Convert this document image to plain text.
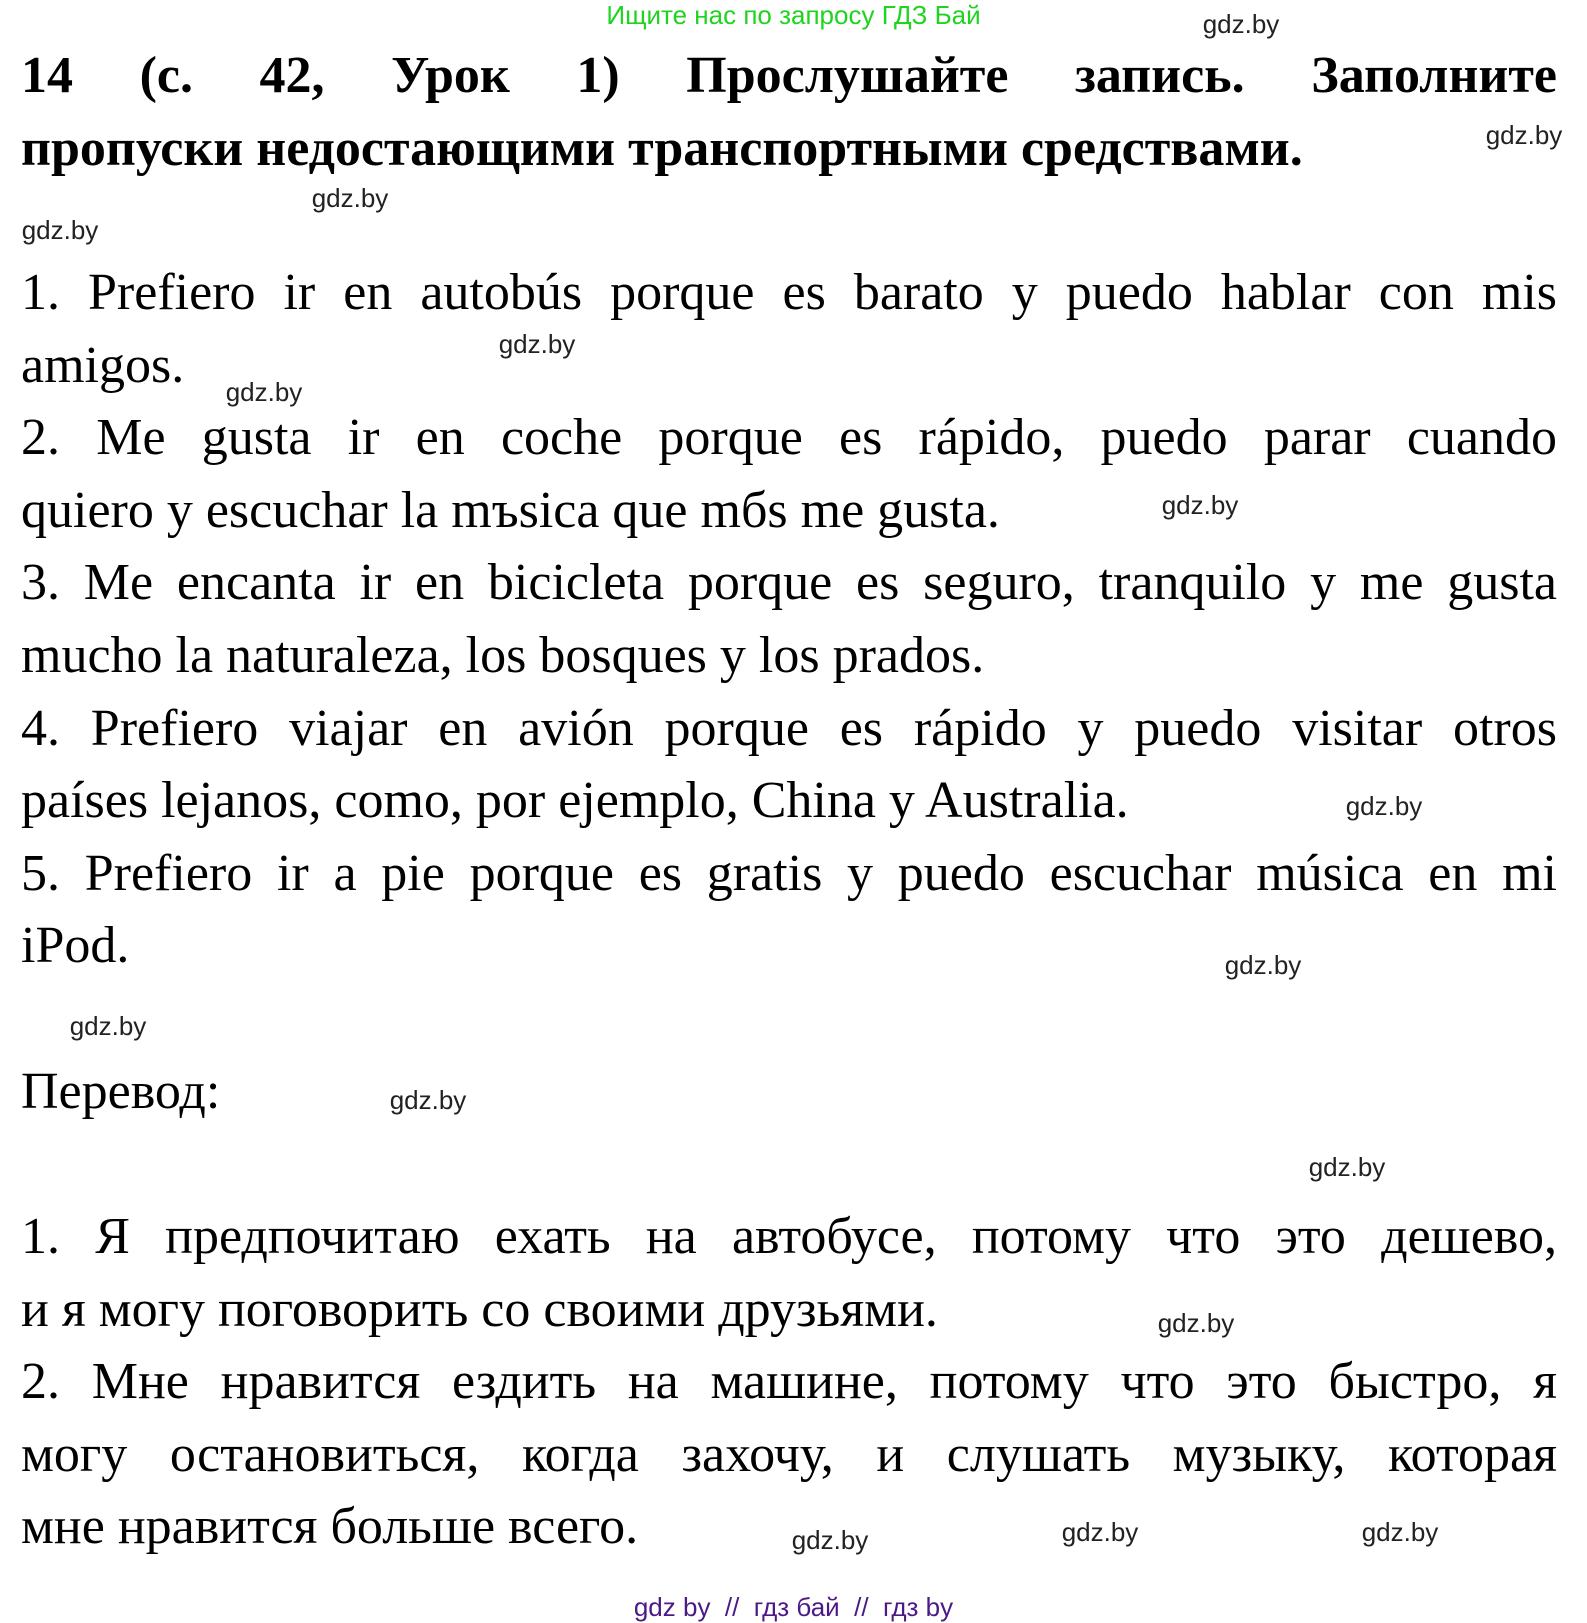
Ищите нас по запросу ГДЗ Бай
14 (с. 42, Урок 1) Прослушайте запись. Заполните
пропуски недостающими транспортными средствами.
1. Prefiero ir en autobús porque es barato y puedo hablar con mis
amigos.
2. Me gusta ir en coche porque es rápido, puedo parar cuando
quiero y escuchar la mъsica que mбs me gusta.
3. Me encanta ir en bicicleta porque es seguro, tranquilo y me gusta
mucho la naturaleza, los bosques y los prados.
4. Prefiero viajar en avión porque es rápido y puedo visitar otros
países lejanos, como, por ejemplo, China y Australia.
5. Prefiero ir a pie porque es gratis y puedo escuchar música en mi
iPod.
Перевод:
1. Я предпочитаю ехать на автобусе, потому что это дешево,
и я могу поговорить со своими друзьями.
2. Мне нравится ездить на машине, потому что это быстро, я
могу остановиться, когда захочу, и слушать музыку, которая
мне нравится больше всего.
gdz.by
gdz.by
gdz.by
gdz.by
gdz.by
gdz.by
gdz.by
gdz.by
gdz.by
gdz.by
gdz.by
gdz.by
gdz.by
gdz.by	gdz.by
gdz.by
gdz by  //  гдз бай  //  гдз by
